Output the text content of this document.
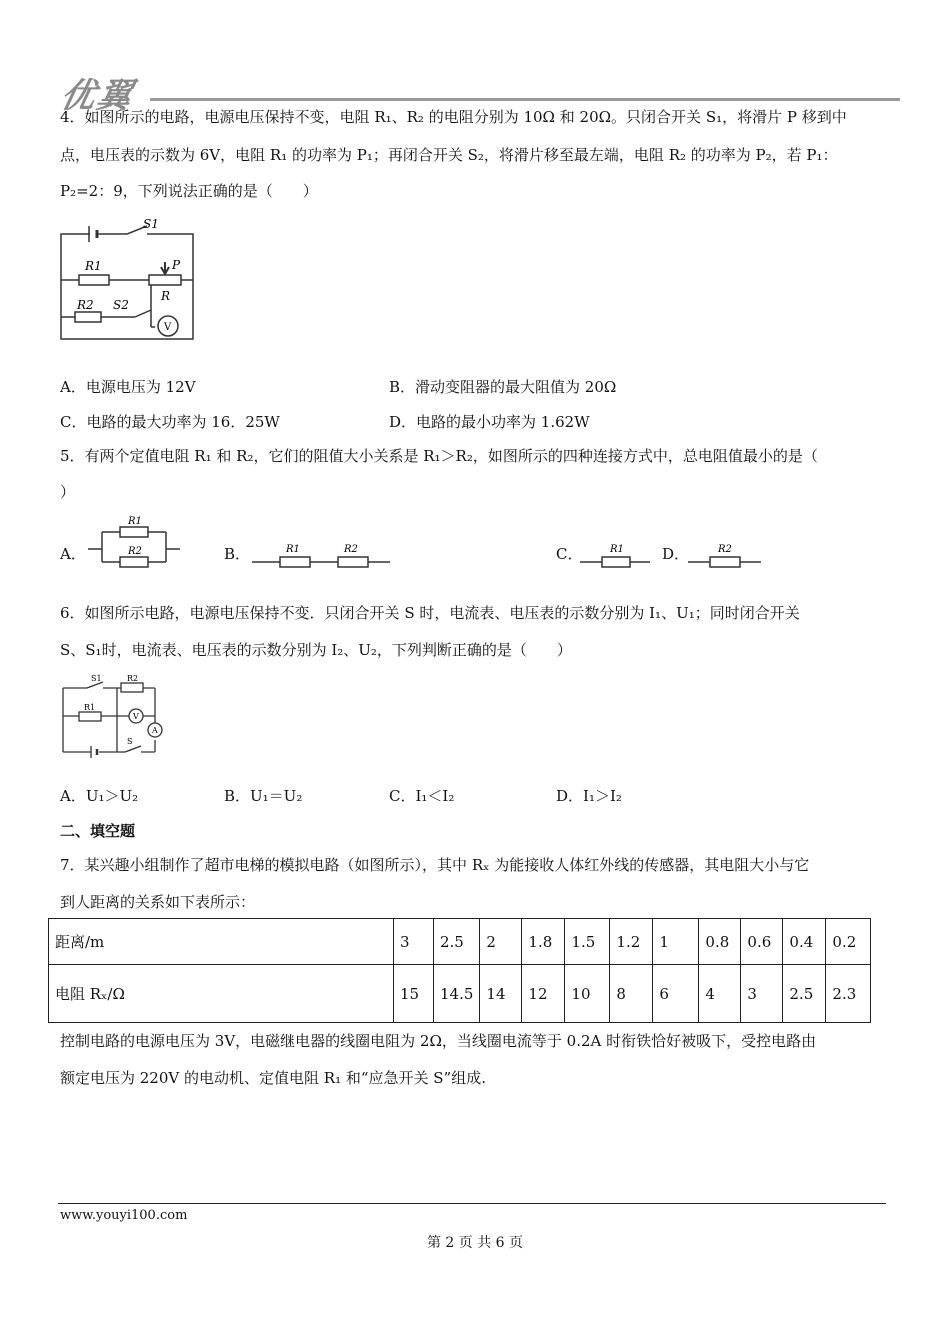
优翼
4．如图所示的电路，电源电压保持不变，电阻 R₁、R₂ 的电阻分别为 10Ω 和 20Ω。只闭合开关 S₁，将滑片 P 移到中
点，电压表的示数为 6V，电阻 R₁ 的功率为 P₁；再闭合开关 S₂，将滑片移至最左端，电阻 R₂ 的功率为 P₂，若 P₁：
P₂=2：9，下列说法正确的是（　　）
S1
R1	P
R
R2 S2
V
A．电源电压为 12V	B．滑动变阻器的最大阻值为 20Ω
C．电路的最大功率为 16．25W	D．电路的最小功率为 1.62W
5．有两个定值电阻 R₁ 和 R₂，它们的阻值大小关系是 R₁＞R₂，如图所示的四种连接方式中，总电阻值最小的是（
）
A．
R1
R2	B．	R1	R2	C．	R1	D．	R2
6．如图所示电路，电源电压保持不变．只闭合开关 S 时，电流表、电压表的示数分别为 I₁、U₁；同时闭合开关
S、S₁时，电流表、电压表的示数分别为 I₂、U₂，下列判断正确的是（　　）
S1	R2
R1
V
A
S
A．U₁＞U₂	B．U₁＝U₂	C．I₁＜I₂	D．I₁＞I₂
二、填空题
7．某兴趣小组制作了超市电梯的模拟电路（如图所示），其中 Rₓ 为能接收人体红外线的传感器，其电阻大小与它
到人距离的关系如下表所示：
距离/m	3	2.5	2	1.8	1.5	1.2	1	0.8	0.6	0.4	0.2
电阻 Rₓ/Ω	15	14.5	14	12	10	8	6	4	3	2.5	2.3
控制电路的电源电压为 3V，电磁继电器的线圈电阻为 2Ω，当线圈电流等于 0.2A 时衔铁恰好被吸下，受控电路由
额定电压为 220V 的电动机、定值电阻 R₁ 和“应急开关 S”组成.
www.youyi100.com
第 2 页 共 6 页
